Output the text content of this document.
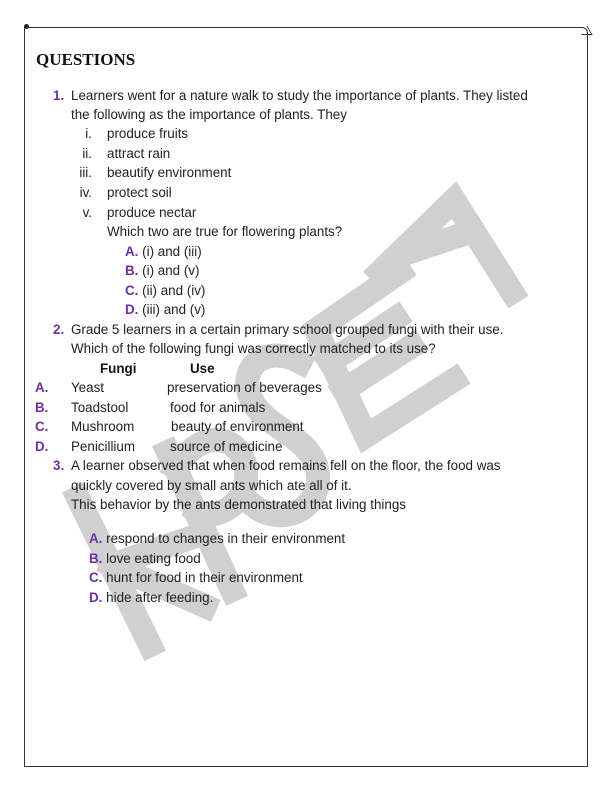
QUESTIONS
1. Learners went for a nature walk to study the importance of plants. They listed
the following as the importance of plants. They
i. produce fruits
ii. attract rain
iii. beautify environment
iv. protect soil
v. produce nectar
Which two are true for flowering plants?
A. (i) and (iii)
B. (i) and (v)
C. (ii) and (iv)
D. (iii) and (v)
2. Grade 5 learners in a certain primary school grouped fungi with their use.
Which of the following fungi was correctly matched to its use?
Fungi	Use
A. Yeast	preservation of beverages
B. Toadstool	food for animals
C. Mushroom	beauty of environment
D. Penicillium	source of medicine
3. A learner observed that when food remains fell on the floor, the food was
quickly covered by small ants which ate all of it.
This behavior by the ants demonstrated that living things
A. respond to changes in their environment
B. love eating food
C. hunt for food in their environment
D. hide after feeding.
